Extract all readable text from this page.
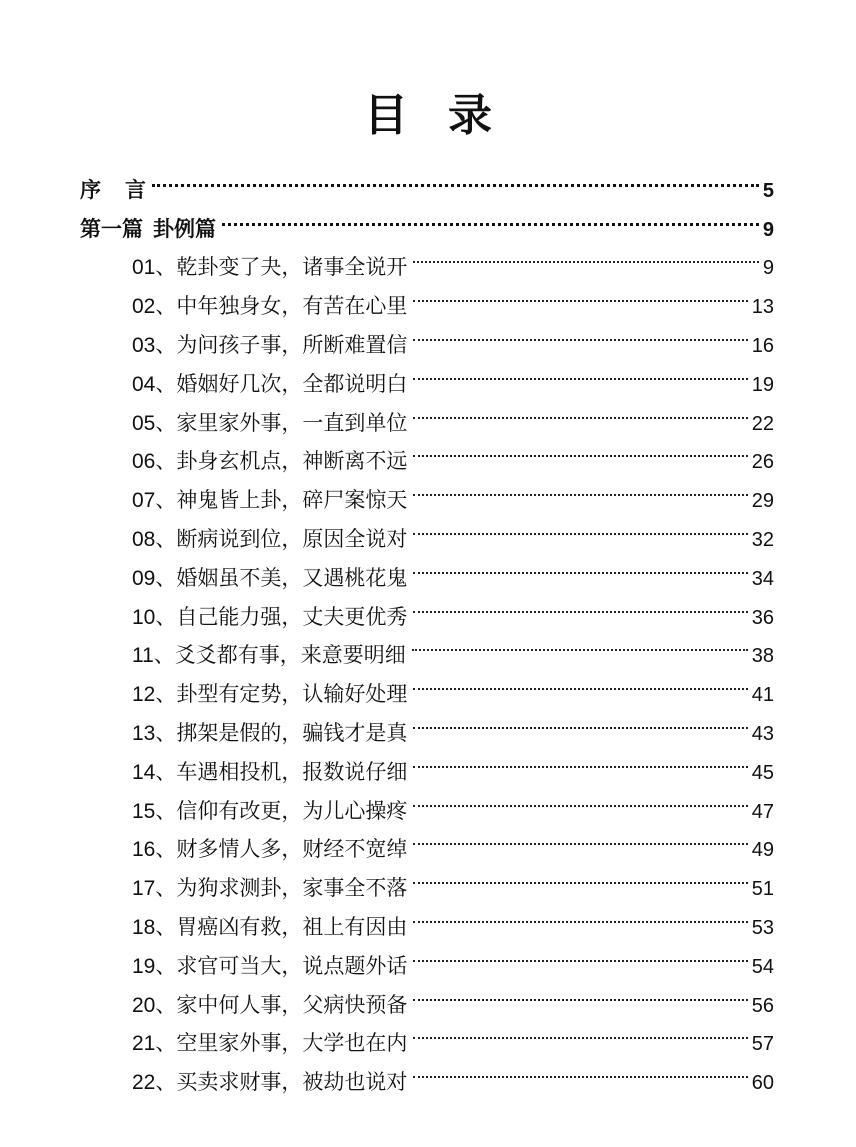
目 录
序 言	5
第一篇 卦例篇	9
01、乾卦变了夬，诸事全说开	9
02、中年独身女，有苦在心里	13
03、为问孩子事，所断难置信	16
04、婚姻好几次，全都说明白	19
05、家里家外事，一直到单位	22
06、卦身玄机点，神断离不远	26
07、神鬼皆上卦，碎尸案惊天	29
08、断病说到位，原因全说对	32
09、婚姻虽不美，又遇桃花鬼	34
10、自己能力强，丈夫更优秀	36
11、爻爻都有事，来意要明细	38
12、卦型有定势，认输好处理	41
13、挷架是假的，骗钱才是真	43
14、车遇相投机，报数说仔细	45
15、信仰有改更，为儿心操疼	47
16、财多情人多，财经不宽绰	49
17、为狗求测卦，家事全不落	51
18、胃癌凶有救，祖上有因由	53
19、求官可当大，说点题外话	54
20、家中何人事，父病快预备	56
21、空里家外事，大学也在内	57
22、买卖求财事，被劫也说对	60
